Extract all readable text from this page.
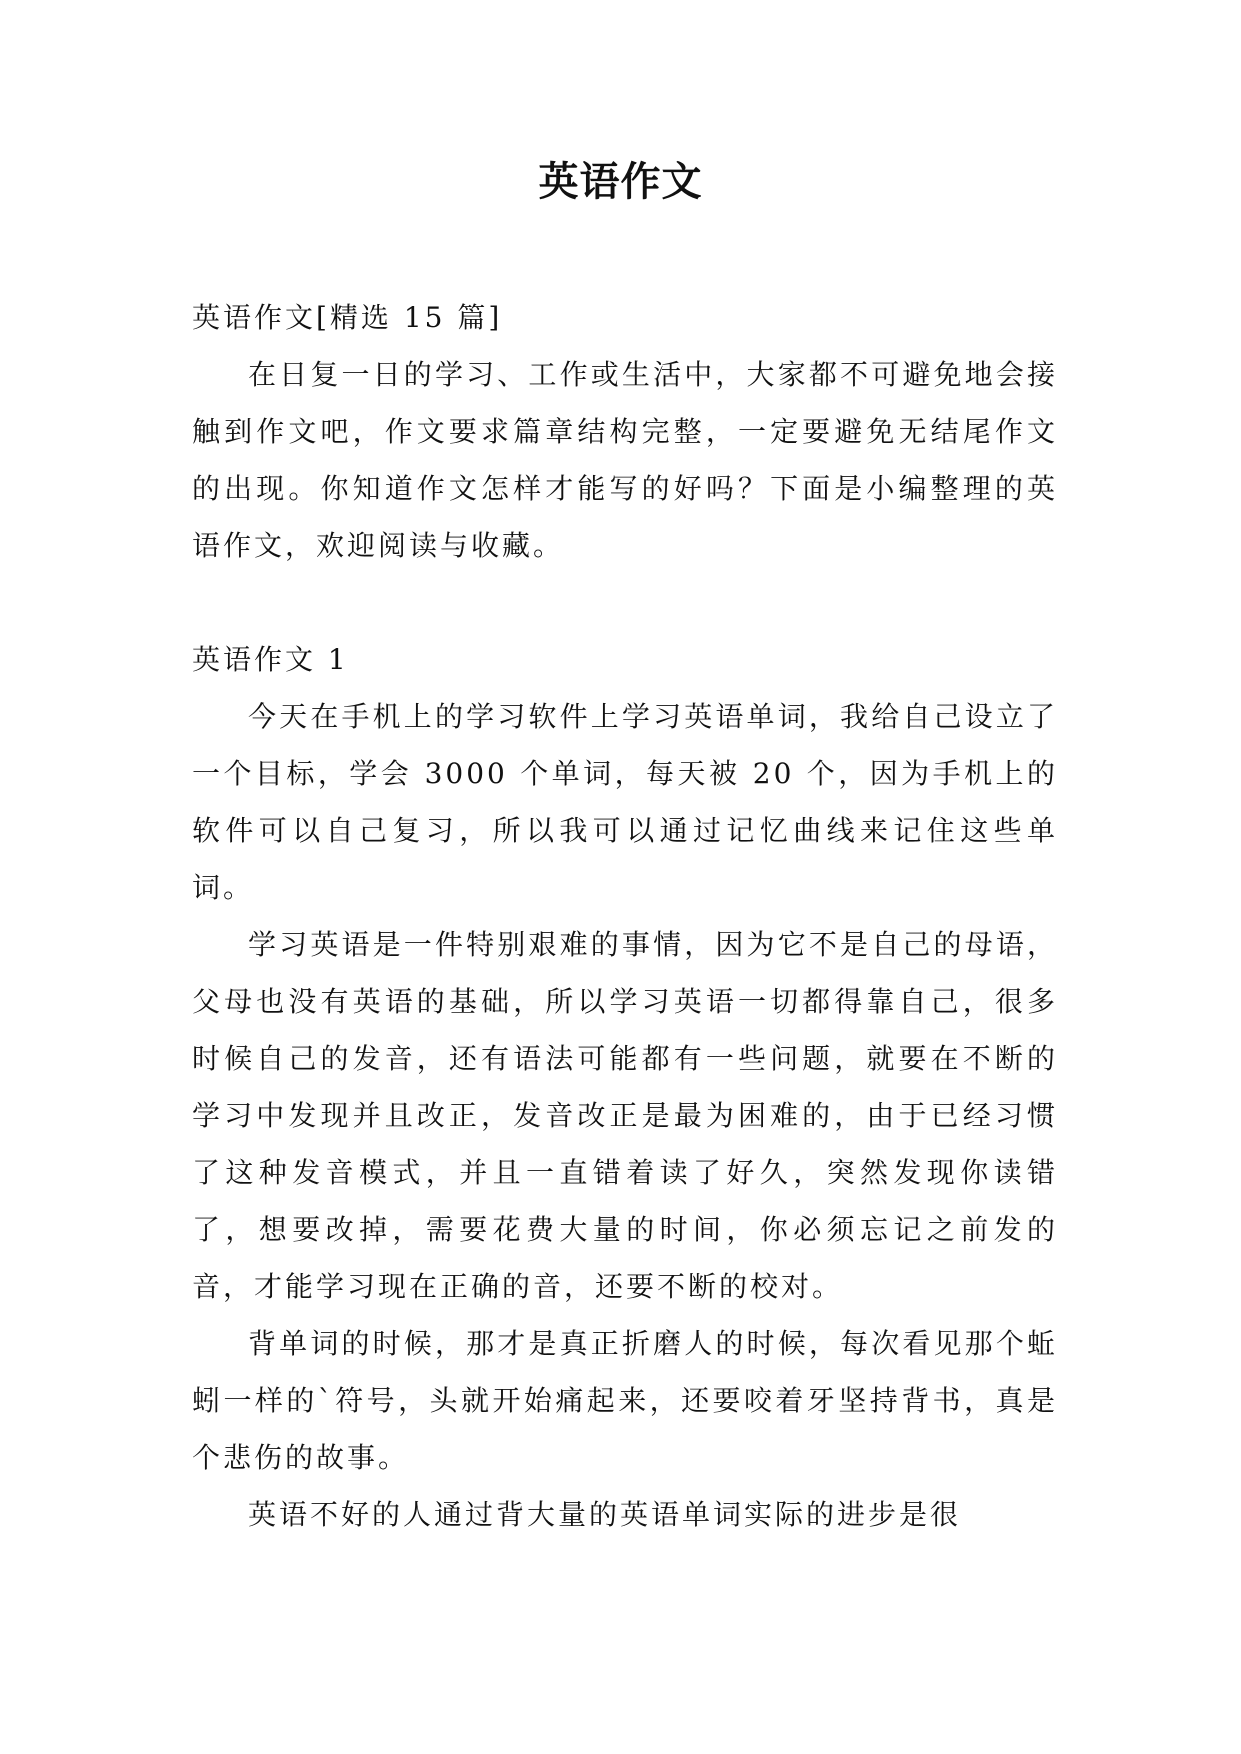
英语作文

英语作文[精选 15 篇]

在日复一日的学习、工作或生活中，大家都不可避免地会接触到作文吧，作文要求篇章结构完整，一定要避免无结尾作文的出现。你知道作文怎样才能写的好吗？下面是小编整理的英语作文，欢迎阅读与收藏。

英语作文 1

今天在手机上的学习软件上学习英语单词，我给自己设立了一个目标，学会 3000 个单词，每天被 20 个，因为手机上的软件可以自己复习，所以我可以通过记忆曲线来记住这些单词。

学习英语是一件特别艰难的事情，因为它不是自己的母语，父母也没有英语的基础，所以学习英语一切都得靠自己，很多时候自己的发音，还有语法可能都有一些问题，就要在不断的学习中发现并且改正，发音改正是最为困难的，由于已经习惯了这种发音模式，并且一直错着读了好久，突然发现你读错了，想要改掉，需要花费大量的时间，你必须忘记之前发的音，才能学习现在正确的音，还要不断的校对。

背单词的时候，那才是真正折磨人的时候，每次看见那个蚯蚓一样的`符号，头就开始痛起来，还要咬着牙坚持背书，真是个悲伤的故事。

英语不好的人通过背大量的英语单词实际的进步是很
